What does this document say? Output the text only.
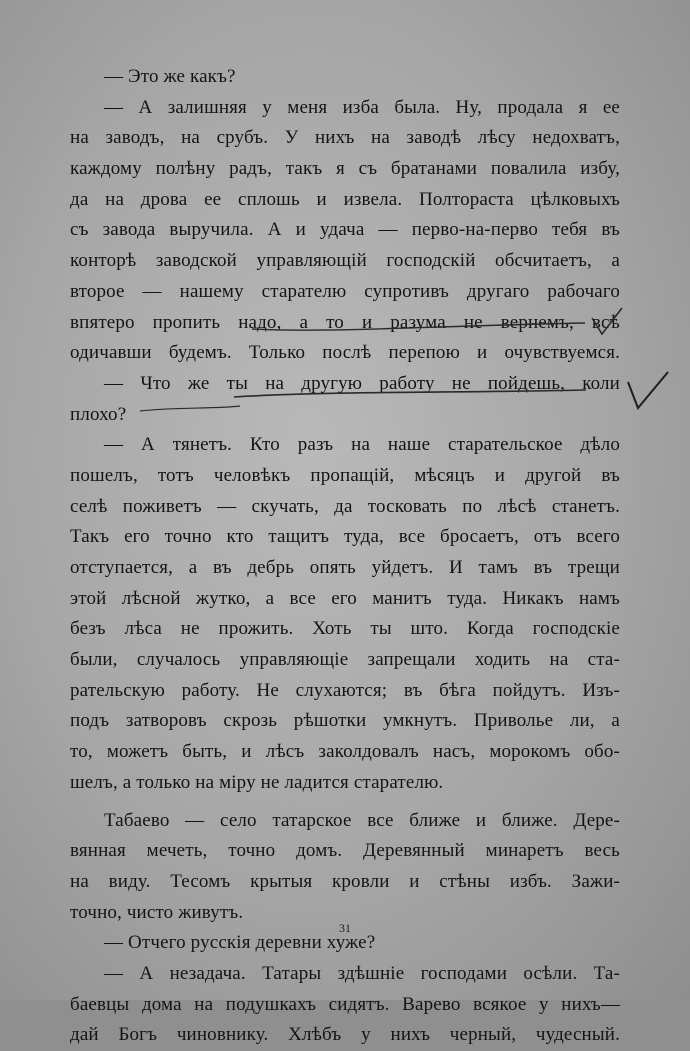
— Это же какъ?
— А залишняя у меня изба была. Ну, продала я ее
на заводъ, на срубъ. У нихъ на заводѣ лѣсу недохватъ,
каждому полѣну радъ, такъ я съ братанами повалила избу,
да на дрова ее сплошь и извела. Полтораста цѣлковыхъ
съ завода выручила. А и удача — перво-на-перво тебя въ
конторѣ заводской управляющій господскій обсчитаетъ, а
второе — нашему старателю супротивъ другаго рабочаго
впятеро пропить надо, а то и разума не вернемъ, всѣ
одичавши будемъ. Только послѣ перепою и очувствуемся.
— Что же ты на другую работу не пойдешь, коли
плохо?
— А тянетъ. Кто разъ на наше старательское дѣло
пошелъ, тотъ человѣкъ пропащій, мѣсяцъ и другой въ
селѣ поживетъ — скучать, да тосковать по лѣсѣ станетъ.
Такъ его точно кто тащитъ туда, все бросаетъ, отъ всего
отступается, а въ дебрь опять уйдетъ. И тамъ въ трещи
этой лѣсной жутко, а все его манитъ туда. Никакъ намъ
безъ лѣса не прожить. Хоть ты што. Когда господскіе
были, случалось управляющіе запрещали ходить на ста-
рательскую работу. Не слухаются; въ бѣга пойдутъ. Изъ-
подъ затворовъ скрозь рѣшотки умкнутъ. Приволье ли, а
то, можетъ быть, и лѣсъ заколдовалъ насъ, морокомъ обо-
шелъ, а только на міру не ладится старателю.
Табаево — село татарское все ближе и ближе. Дере-
вянная мечеть, точно домъ. Деревянный минаретъ весь
на виду. Тесомъ крытыя кровли и стѣны избъ. Зажи-
точно, чисто живутъ.
— Отчего русскія деревни хуже?
— А незадача. Татары здѣшніе господами осѣли. Та-
баевцы дома на подушкахъ сидятъ. Варево всякое у нихъ—
дай Богъ чиновнику. Хлѣбъ у нихъ черный, чудесный.
31
